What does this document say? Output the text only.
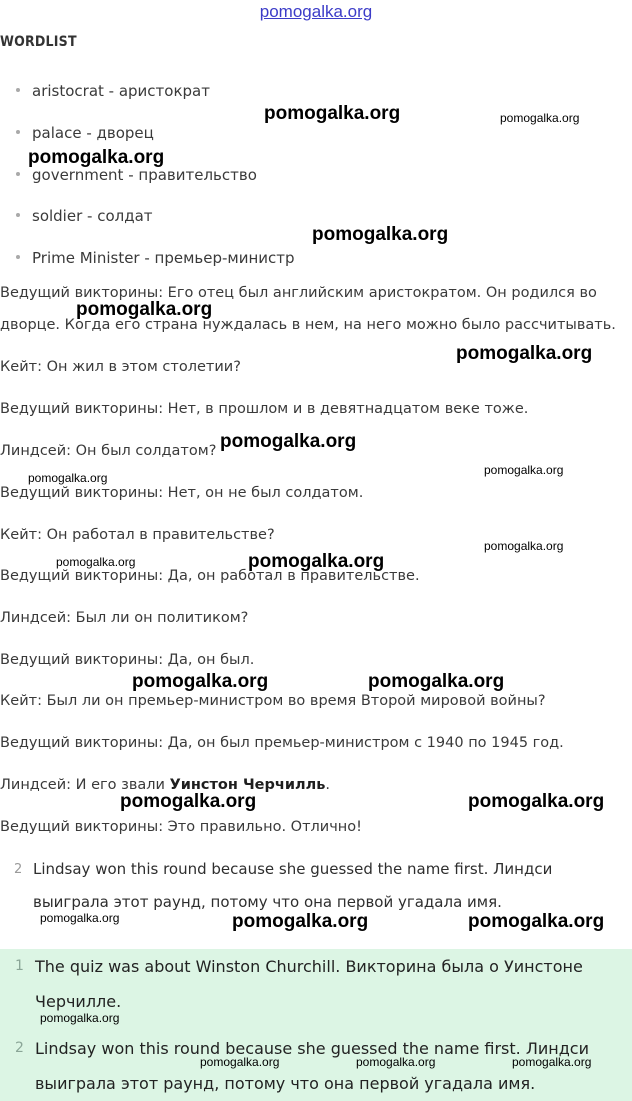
pomogalka.org
WORDLIST
aristocrat - аристократ
palace - дворец
government - правительство
soldier - солдат
Prime Minister - премьер-министр
Ведущий викторины: Его отец был английским аристократом. Он родился во
дворце. Когда его страна нуждалась в нем, на него можно было рассчитывать.
Кейт: Он жил в этом столетии?
Ведущий викторины: Нет, в прошлом и в девятнадцатом веке тоже.
Линдсей: Он был солдатом?
Ведущий викторины: Нет, он не был солдатом.
Кейт: Он работал в правительстве?
Ведущий викторины: Да, он работал в правительстве.
Линдсей: Был ли он политиком?
Ведущий викторины: Да, он был.
Кейт: Был ли он премьер-министром во время Второй мировой войны?
Ведущий викторины: Да, он был премьер-министром с 1940 по 1945 год.
Линдсей: И его звали Уинстон Черчилль.
Ведущий викторины: Это правильно. Отлично!
2 Lindsay won this round because she guessed the name first. Линдси
выиграла этот раунд, потому что она первой угадала имя.
1 The quiz was about Winston Churchill. Викторина была о Уинстоне
Черчилле.
2 Lindsay won this round because she guessed the name first. Линдси
выиграла этот раунд, потому что она первой угадала имя.
pomogalka.org	pomogalka.org
pomogalka.org
pomogalka.org
pomogalka.org
pomogalka.org
pomogalka.org
pomogalka.org
pomogalka.org
pomogalka.org
pomogalka.org	pomogalka.org
pomogalka.org	pomogalka.org
pomogalka.org	pomogalka.org
pomogalka.org	pomogalka.org	pomogalka.org
pomogalka.org
pomogalka.org	pomogalka.org	pomogalka.org
